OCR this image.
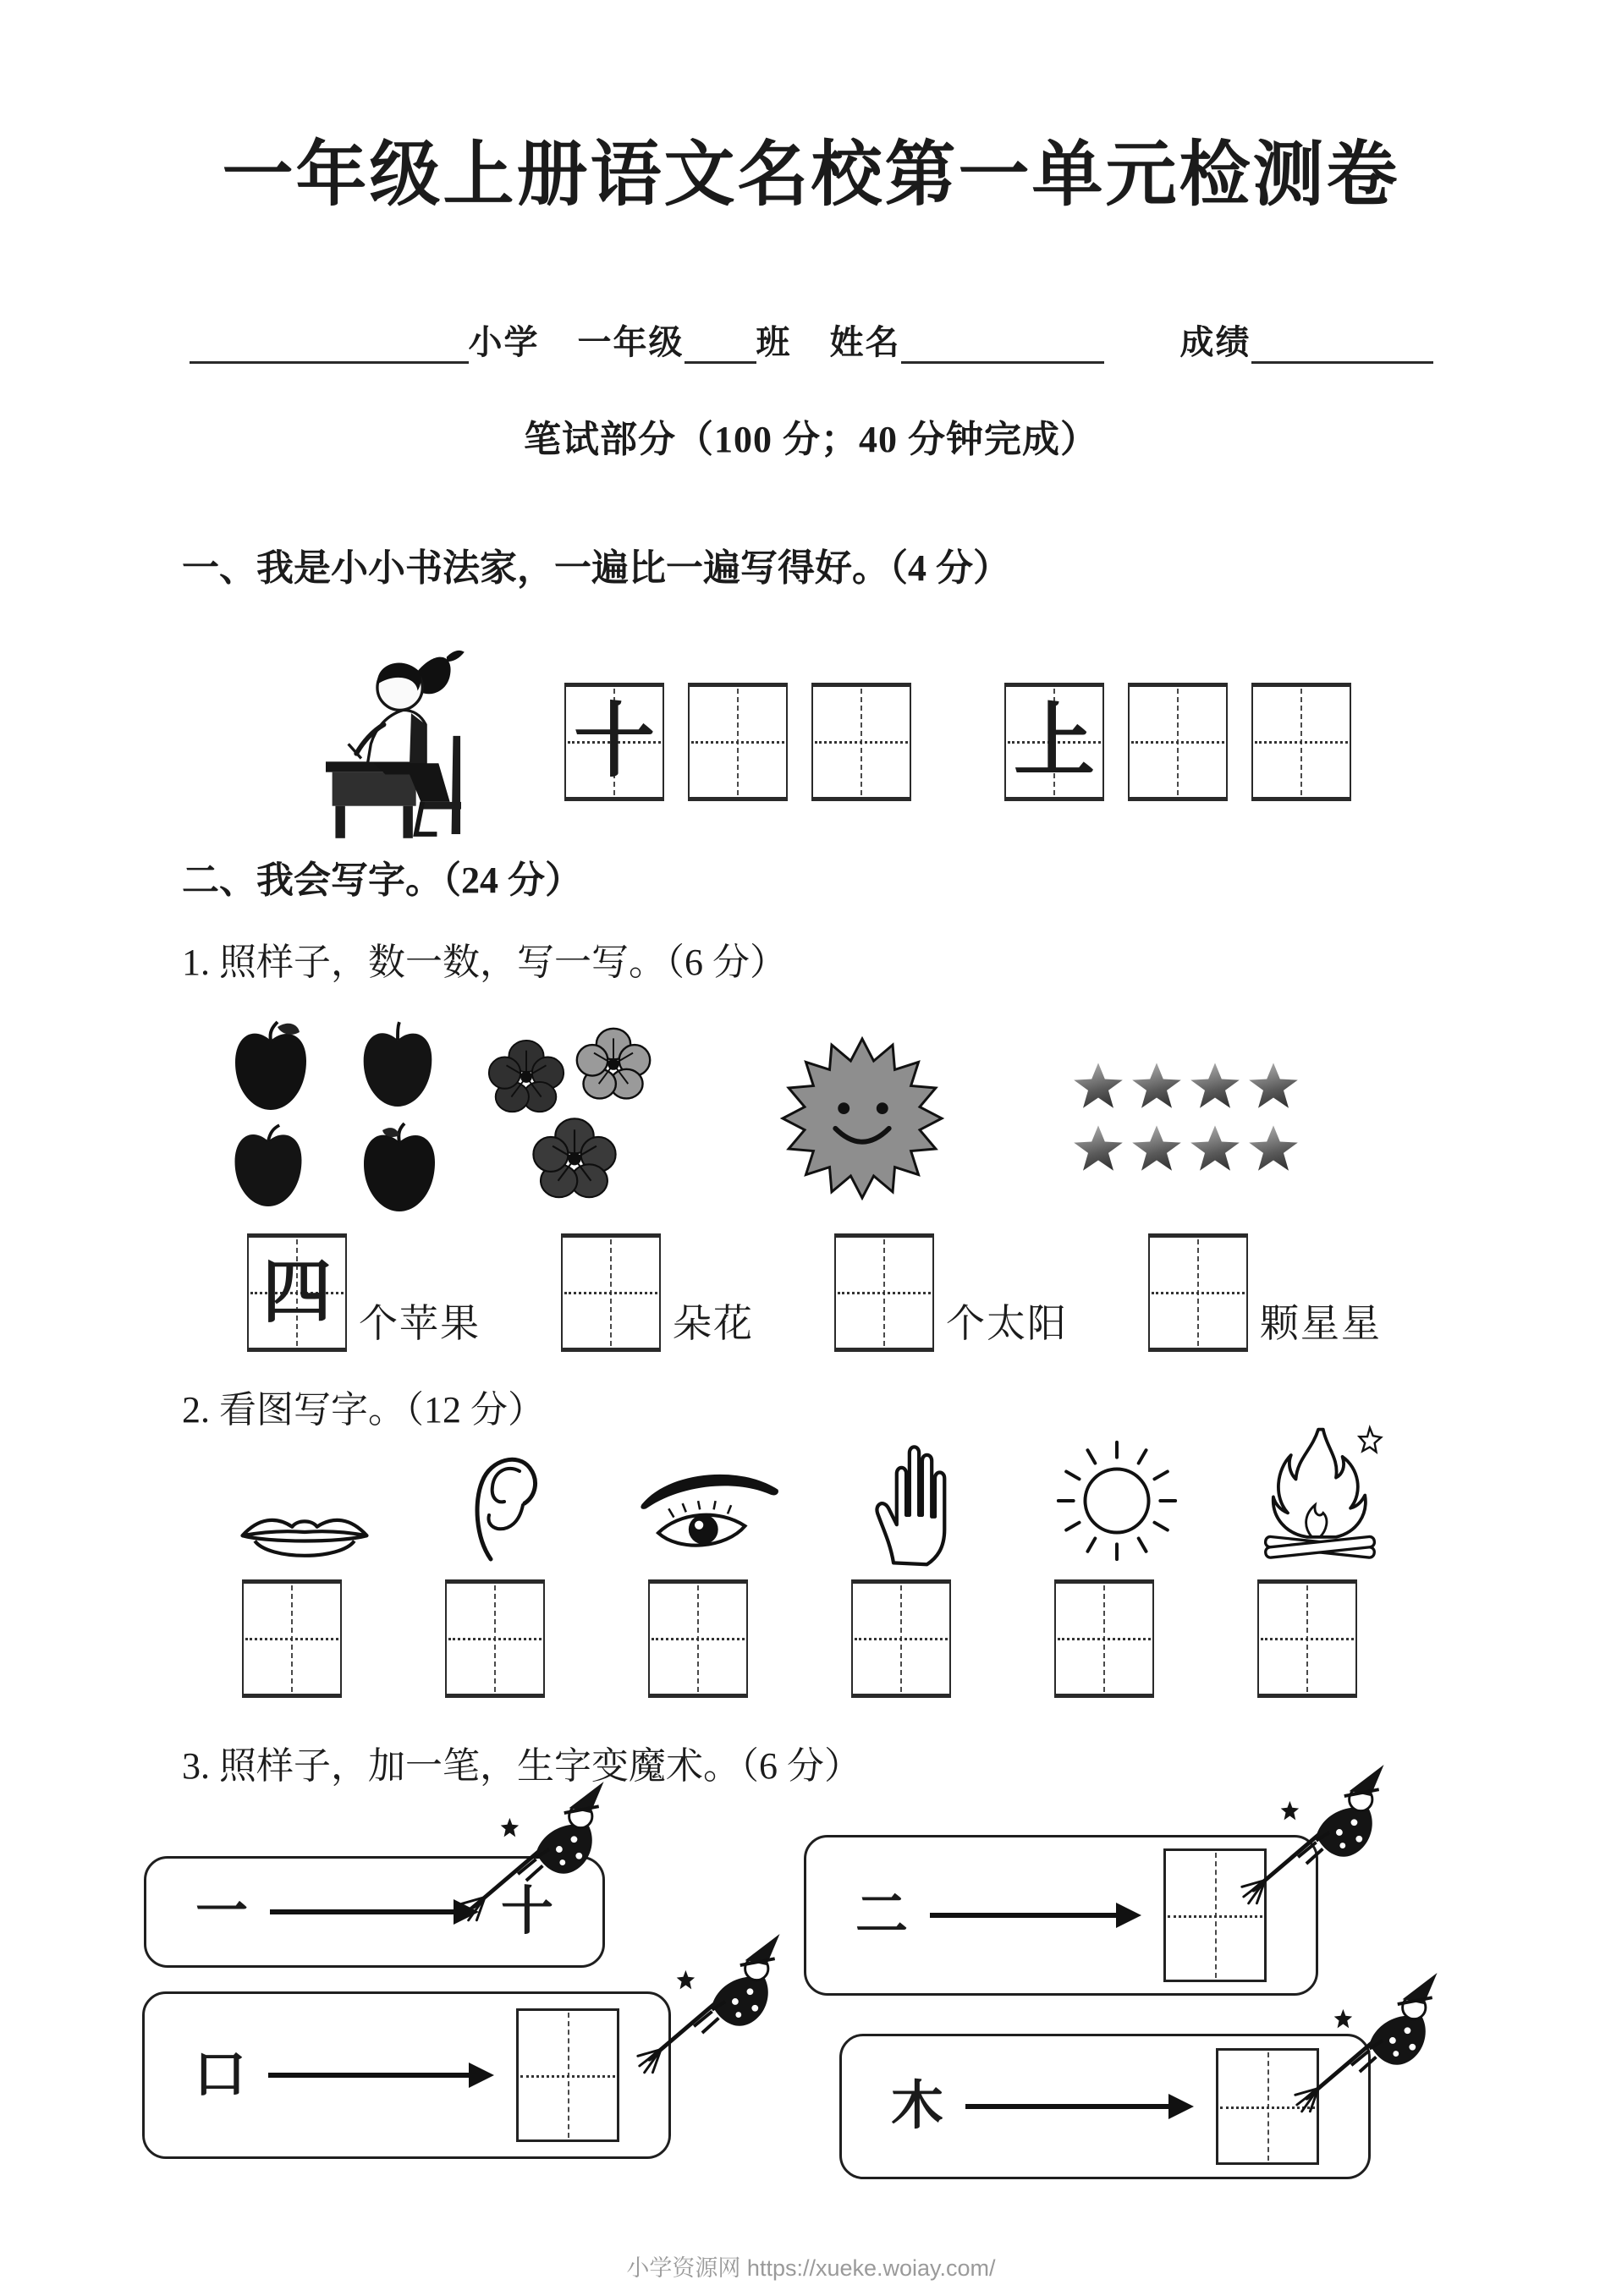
一年级上册语文名校第一单元检测卷
小学 一年级 班 姓名	成绩
笔试部分（100 分；40 分钟完成）
一、我是小小书法家，一遍比一遍写得好。（4 分）
十	上
二、我会写字。（24 分）
1. 照样子，数一数，写一写。（6 分）
四 个苹果	朵花	个太阳	颗星星
2. 看图写字。（12 分）
3. 照样子，加一笔，生字变魔术。（6 分）
一	十	二
口
木
小学资源网 https://xueke.woiay.com/
